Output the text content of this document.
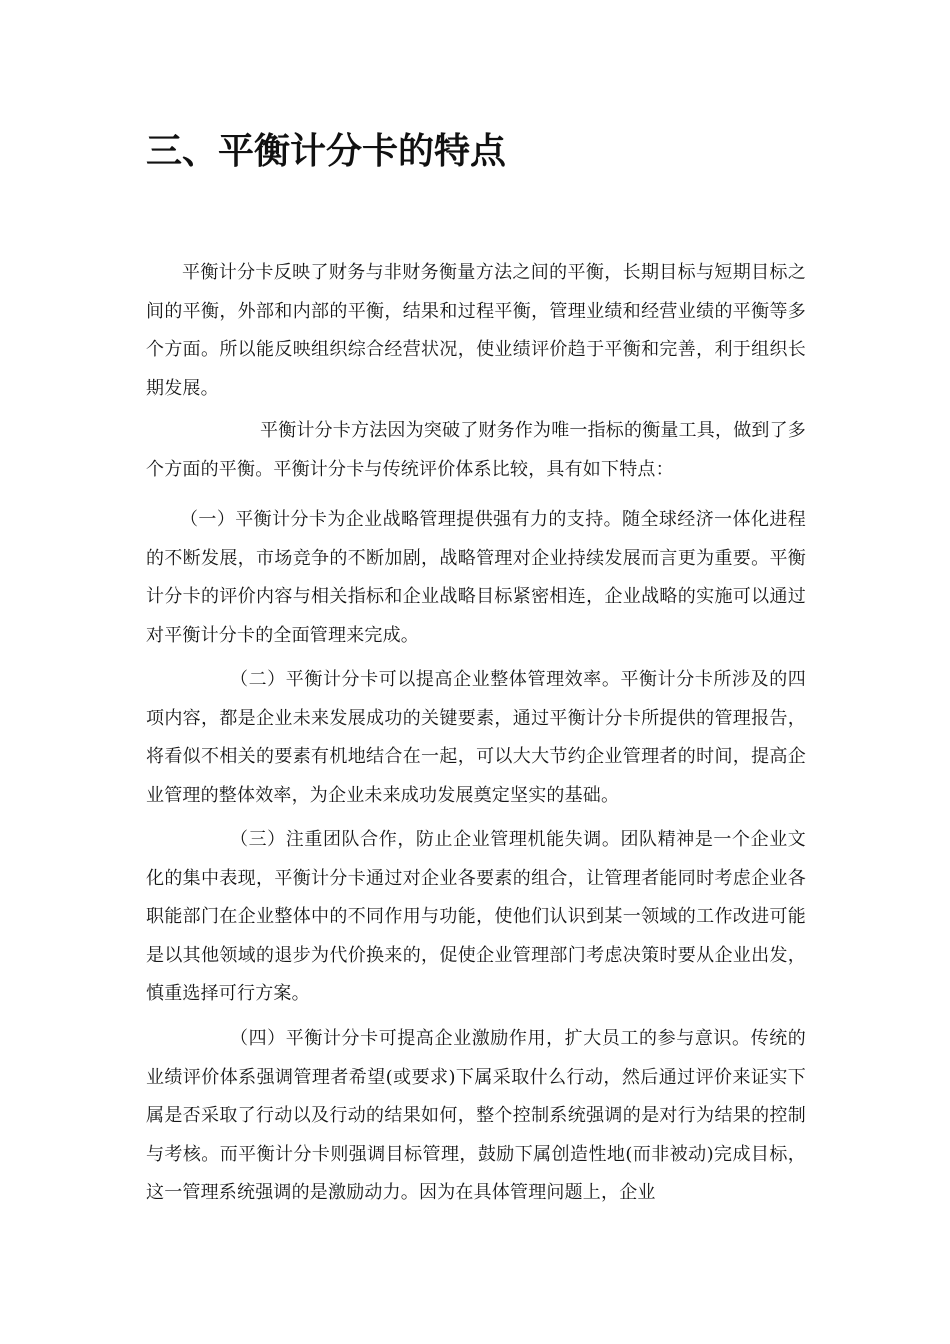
三、平衡计分卡的特点

平衡计分卡反映了财务与非财务衡量方法之间的平衡，长期目标与短期目标之间的平衡，外部和内部的平衡，结果和过程平衡，管理业绩和经营业绩的平衡等多个方面。所以能反映组织综合经营状况，使业绩评价趋于平衡和完善，利于组织长期发展。

平衡计分卡方法因为突破了财务作为唯一指标的衡量工具，做到了多个方面的平衡。平衡计分卡与传统评价体系比较，具有如下特点：

（一）平衡计分卡为企业战略管理提供强有力的支持。随全球经济一体化进程的不断发展，市场竞争的不断加剧，战略管理对企业持续发展而言更为重要。平衡计分卡的评价内容与相关指标和企业战略目标紧密相连，企业战略的实施可以通过对平衡计分卡的全面管理来完成。

（二）平衡计分卡可以提高企业整体管理效率。平衡计分卡所涉及的四项内容，都是企业未来发展成功的关键要素，通过平衡计分卡所提供的管理报告，将看似不相关的要素有机地结合在一起，可以大大节约企业管理者的时间，提高企业管理的整体效率，为企业未来成功发展奠定坚实的基础。

（三）注重团队合作，防止企业管理机能失调。团队精神是一个企业文化的集中表现，平衡计分卡通过对企业各要素的组合，让管理者能同时考虑企业各职能部门在企业整体中的不同作用与功能，使他们认识到某一领域的工作改进可能是以其他领域的退步为代价换来的，促使企业管理部门考虑决策时要从企业出发，慎重选择可行方案。

（四）平衡计分卡可提高企业激励作用，扩大员工的参与意识。传统的业绩评价体系强调管理者希望(或要求)下属采取什么行动，然后通过评价来证实下属是否采取了行动以及行动的结果如何，整个控制系统强调的是对行为结果的控制与考核。而平衡计分卡则强调目标管理，鼓励下属创造性地(而非被动)完成目标，这一管理系统强调的是激励动力。因为在具体管理问题上，企业
